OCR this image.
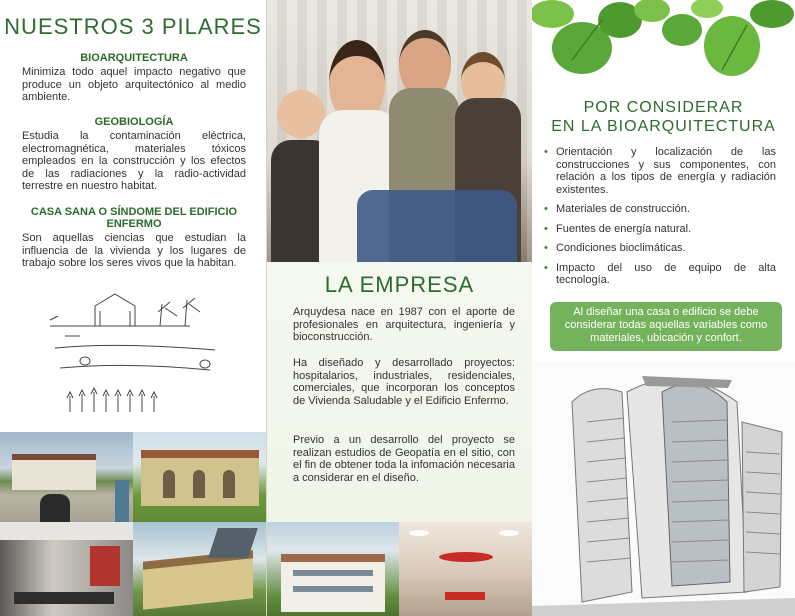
NUESTROS 3 PILARES
BIOARQUITECTURA

Minimiza todo aquel impacto negativo que produce un objeto arquitectónico al medio ambiente.

GEOBIOLOGÍA

Estudia la contaminación eléctrica, electromagnética, materiales tóxicos empleados en la construcción y los efectos de las radiaciones y la radio-actividad terrestre en nuestro habitat.

CASA SANA O SÍNDOME DEL EDIFICIO ENFERMO

Son aquellas ciencias que estudian la influencia de la vivienda y los lugares de trabajo sobre los seres vivos que la habitan.

LA EMPRESA

Arquydesa nace en 1987 con el aporte de profesionales en arquitectura, ingeniería y bioconstrucción.

Ha diseñado y desarrollado proyectos: hospitalarios, industriales, residenciales, comerciales, que incorporan los conceptos de Vivienda Saludable y el Edificio Enfermo.

Previo a un desarrollo del proyecto se realizan estudios de Geopatía en el sitio, con el fin de obtener toda la infomación necesaria a considerar en el diseño.

POR CONSIDERAR
EN LA BIOARQUITECTURA
• Orientación y localización de las construcciones y sus componentes, con relación a los tipos de energía y radiación existentes.
• Materiales de construcción.
• Fuentes de energía natural.
• Condiciones bioclimáticas.
• Impacto del uso de equipo de alta tecnología.
Al diseñar una casa o edificio se debe considerar todas aquellas variables como materiales, ubicación y confort.
